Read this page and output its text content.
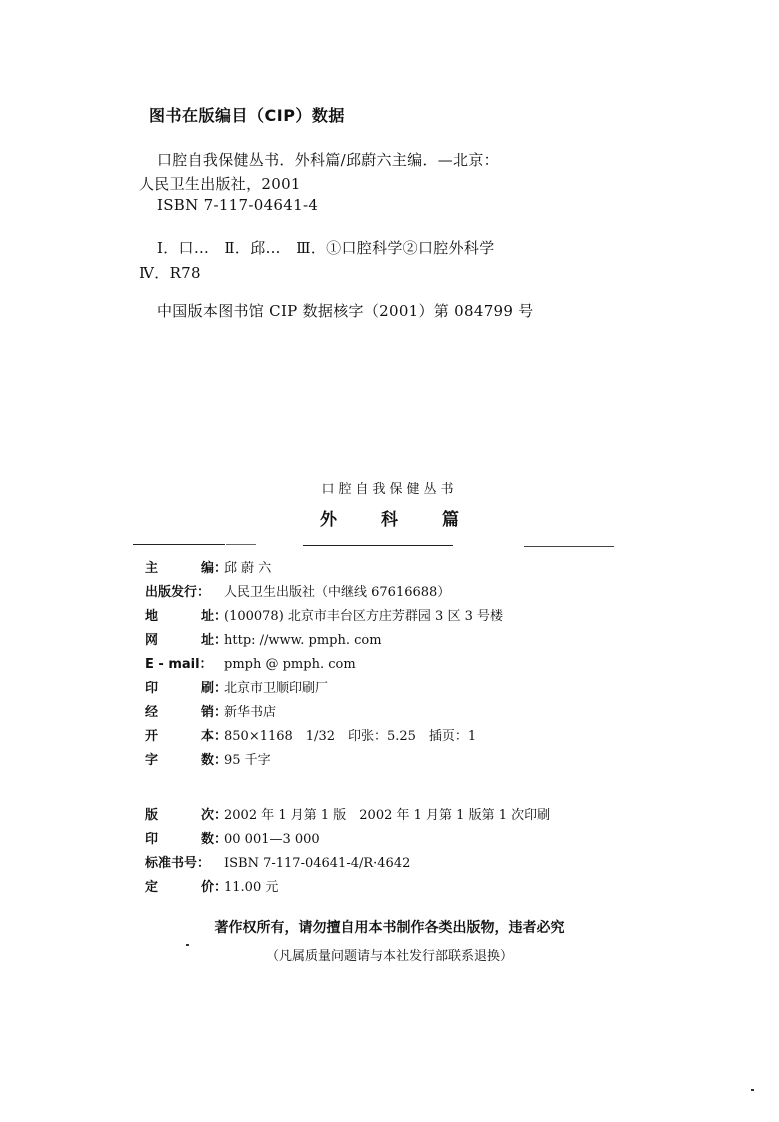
图书在版编目（CIP）数据
口腔自我保健丛书．外科篇/邱蔚六主编．—北京：
人民卫生出版社，2001
ISBN 7-117-04641-4
Ⅰ．口…　Ⅱ．邱…　Ⅲ．①口腔科学②口腔外科学
Ⅳ．R78
中国版本图书馆 CIP 数据核字（2001）第 084799 号
口腔自我保健丛书
外	科	篇
主	编：邱 蔚 六
出版发行： 人民卫生出版社（中继线 67616688）
地	址：(100078) 北京市丰台区方庄芳群园 3 区 3 号楼
网	址：http: //www. pmph. com
E - mail： pmph @ pmph. com
印	刷：北京市卫顺印刷厂
经	销：新华书店
开	本：850×1168　1/32　印张：5.25　插页：1
字	数：95 千字
版	次：2002 年 1 月第 1 版　2002 年 1 月第 1 版第 1 次印刷
印	数：00 001—3 000
标准书号： ISBN 7-117-04641-4/R·4642
定	价：11.00 元
著作权所有，请勿擅自用本书制作各类出版物，违者必究
（凡属质量问题请与本社发行部联系退换）
